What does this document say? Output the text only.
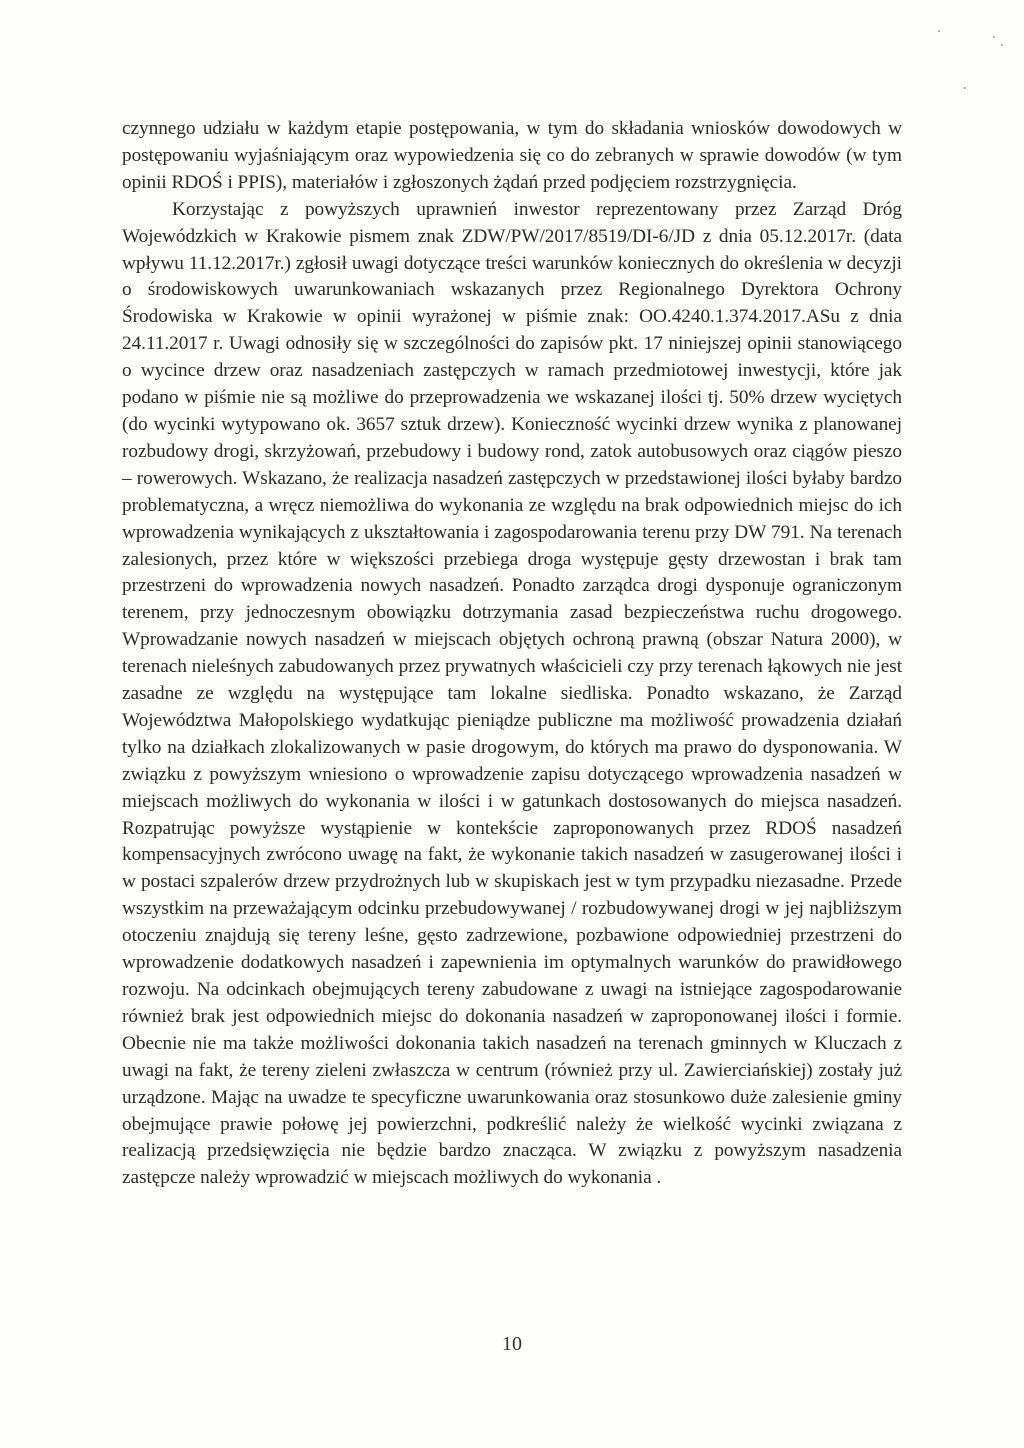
czynnego udziału w każdym etapie postępowania, w tym do składania wniosków dowodowych w postępowaniu wyjaśniającym oraz wypowiedzenia się co do zebranych w sprawie dowodów (w tym opinii RDOŚ i PPIS), materiałów i zgłoszonych żądań przed podjęciem rozstrzygnięcia.

Korzystając z powyższych uprawnień inwestor reprezentowany przez Zarząd Dróg Wojewódzkich w Krakowie pismem znak ZDW/PW/2017/8519/DI-6/JD z dnia 05.12.2017r. (data wpływu 11.12.2017r.) zgłosił uwagi dotyczące treści warunków koniecznych do określenia w decyzji o środowiskowych uwarunkowaniach wskazanych przez Regionalnego Dyrektora Ochrony Środowiska w Krakowie w opinii wyrażonej w piśmie znak: OO.4240.1.374.2017.ASu z dnia 24.11.2017 r. Uwagi odnosiły się w szczególności do zapisów pkt. 17 niniejszej opinii stanowiącego o wycince drzew oraz nasadzeniach zastępczych w ramach przedmiotowej inwestycji, które jak podano w piśmie nie są możliwe do przeprowadzenia we wskazanej ilości tj. 50% drzew wyciętych (do wycinki wytypowano ok. 3657 sztuk drzew). Konieczność wycinki drzew wynika z planowanej rozbudowy drogi, skrzyżowań, przebudowy i budowy rond, zatok autobusowych oraz ciągów pieszo – rowerowych. Wskazano, że realizacja nasadzeń zastępczych w przedstawionej ilości byłaby bardzo problematyczna, a wręcz niemożliwa do wykonania ze względu na brak odpowiednich miejsc do ich wprowadzenia wynikających z ukształtowania i zagospodarowania terenu przy DW 791. Na terenach zalesionych, przez które w większości przebiega droga występuje gęsty drzewostan i brak tam przestrzeni do wprowadzenia nowych nasadzeń. Ponadto zarządca drogi dysponuje ograniczonym terenem, przy jednoczesnym obowiązku dotrzymania zasad bezpieczeństwa ruchu drogowego. Wprowadzanie nowych nasadzeń w miejscach objętych ochroną prawną (obszar Natura 2000), w terenach nieleśnych zabudowanych przez prywatnych właścicieli czy przy terenach łąkowych nie jest zasadne ze względu na występujące tam lokalne siedliska. Ponadto wskazano, że Zarząd Województwa Małopolskiego wydatkując pieniądze publiczne ma możliwość prowadzenia działań tylko na działkach zlokalizowanych w pasie drogowym, do których ma prawo do dysponowania. W związku z powyższym wniesiono o wprowadzenie zapisu dotyczącego wprowadzenia nasadzeń w miejscach możliwych do wykonania w ilości i w gatunkach dostosowanych do miejsca nasadzeń. Rozpatrując powyższe wystąpienie w kontekście zaproponowanych przez RDOŚ nasadzeń kompensacyjnych zwrócono uwagę na fakt, że wykonanie takich nasadzeń w zasugerowanej ilości i w postaci szpalerów drzew przydrożnych lub w skupiskach jest w tym przypadku niezasadne. Przede wszystkim na przeważającym odcinku przebudowywanej / rozbudowywanej drogi w jej najbliższym otoczeniu znajdują się tereny leśne, gęsto zadrzewione, pozbawione odpowiedniej przestrzeni do wprowadzenie dodatkowych nasadzeń i zapewnienia im optymalnych warunków do prawidłowego rozwoju. Na odcinkach obejmujących tereny zabudowane z uwagi na istniejące zagospodarowanie również brak jest odpowiednich miejsc do dokonania nasadzeń w zaproponowanej ilości i formie. Obecnie nie ma także możliwości dokonania takich nasadzeń na terenach gminnych w Kluczach z uwagi na fakt, że tereny zieleni zwłaszcza w centrum (również przy ul. Zawierciańskiej) zostały już urządzone. Mając na uwadze te specyficzne uwarunkowania oraz stosunkowo duże zalesienie gminy obejmujące prawie połowę jej powierzchni, podkreślić należy że wielkość wycinki związana z realizacją przedsięwzięcia nie będzie bardzo znacząca. W związku z powyższym nasadzenia zastępcze należy wprowadzić w miejscach możliwych do wykonania .

10
